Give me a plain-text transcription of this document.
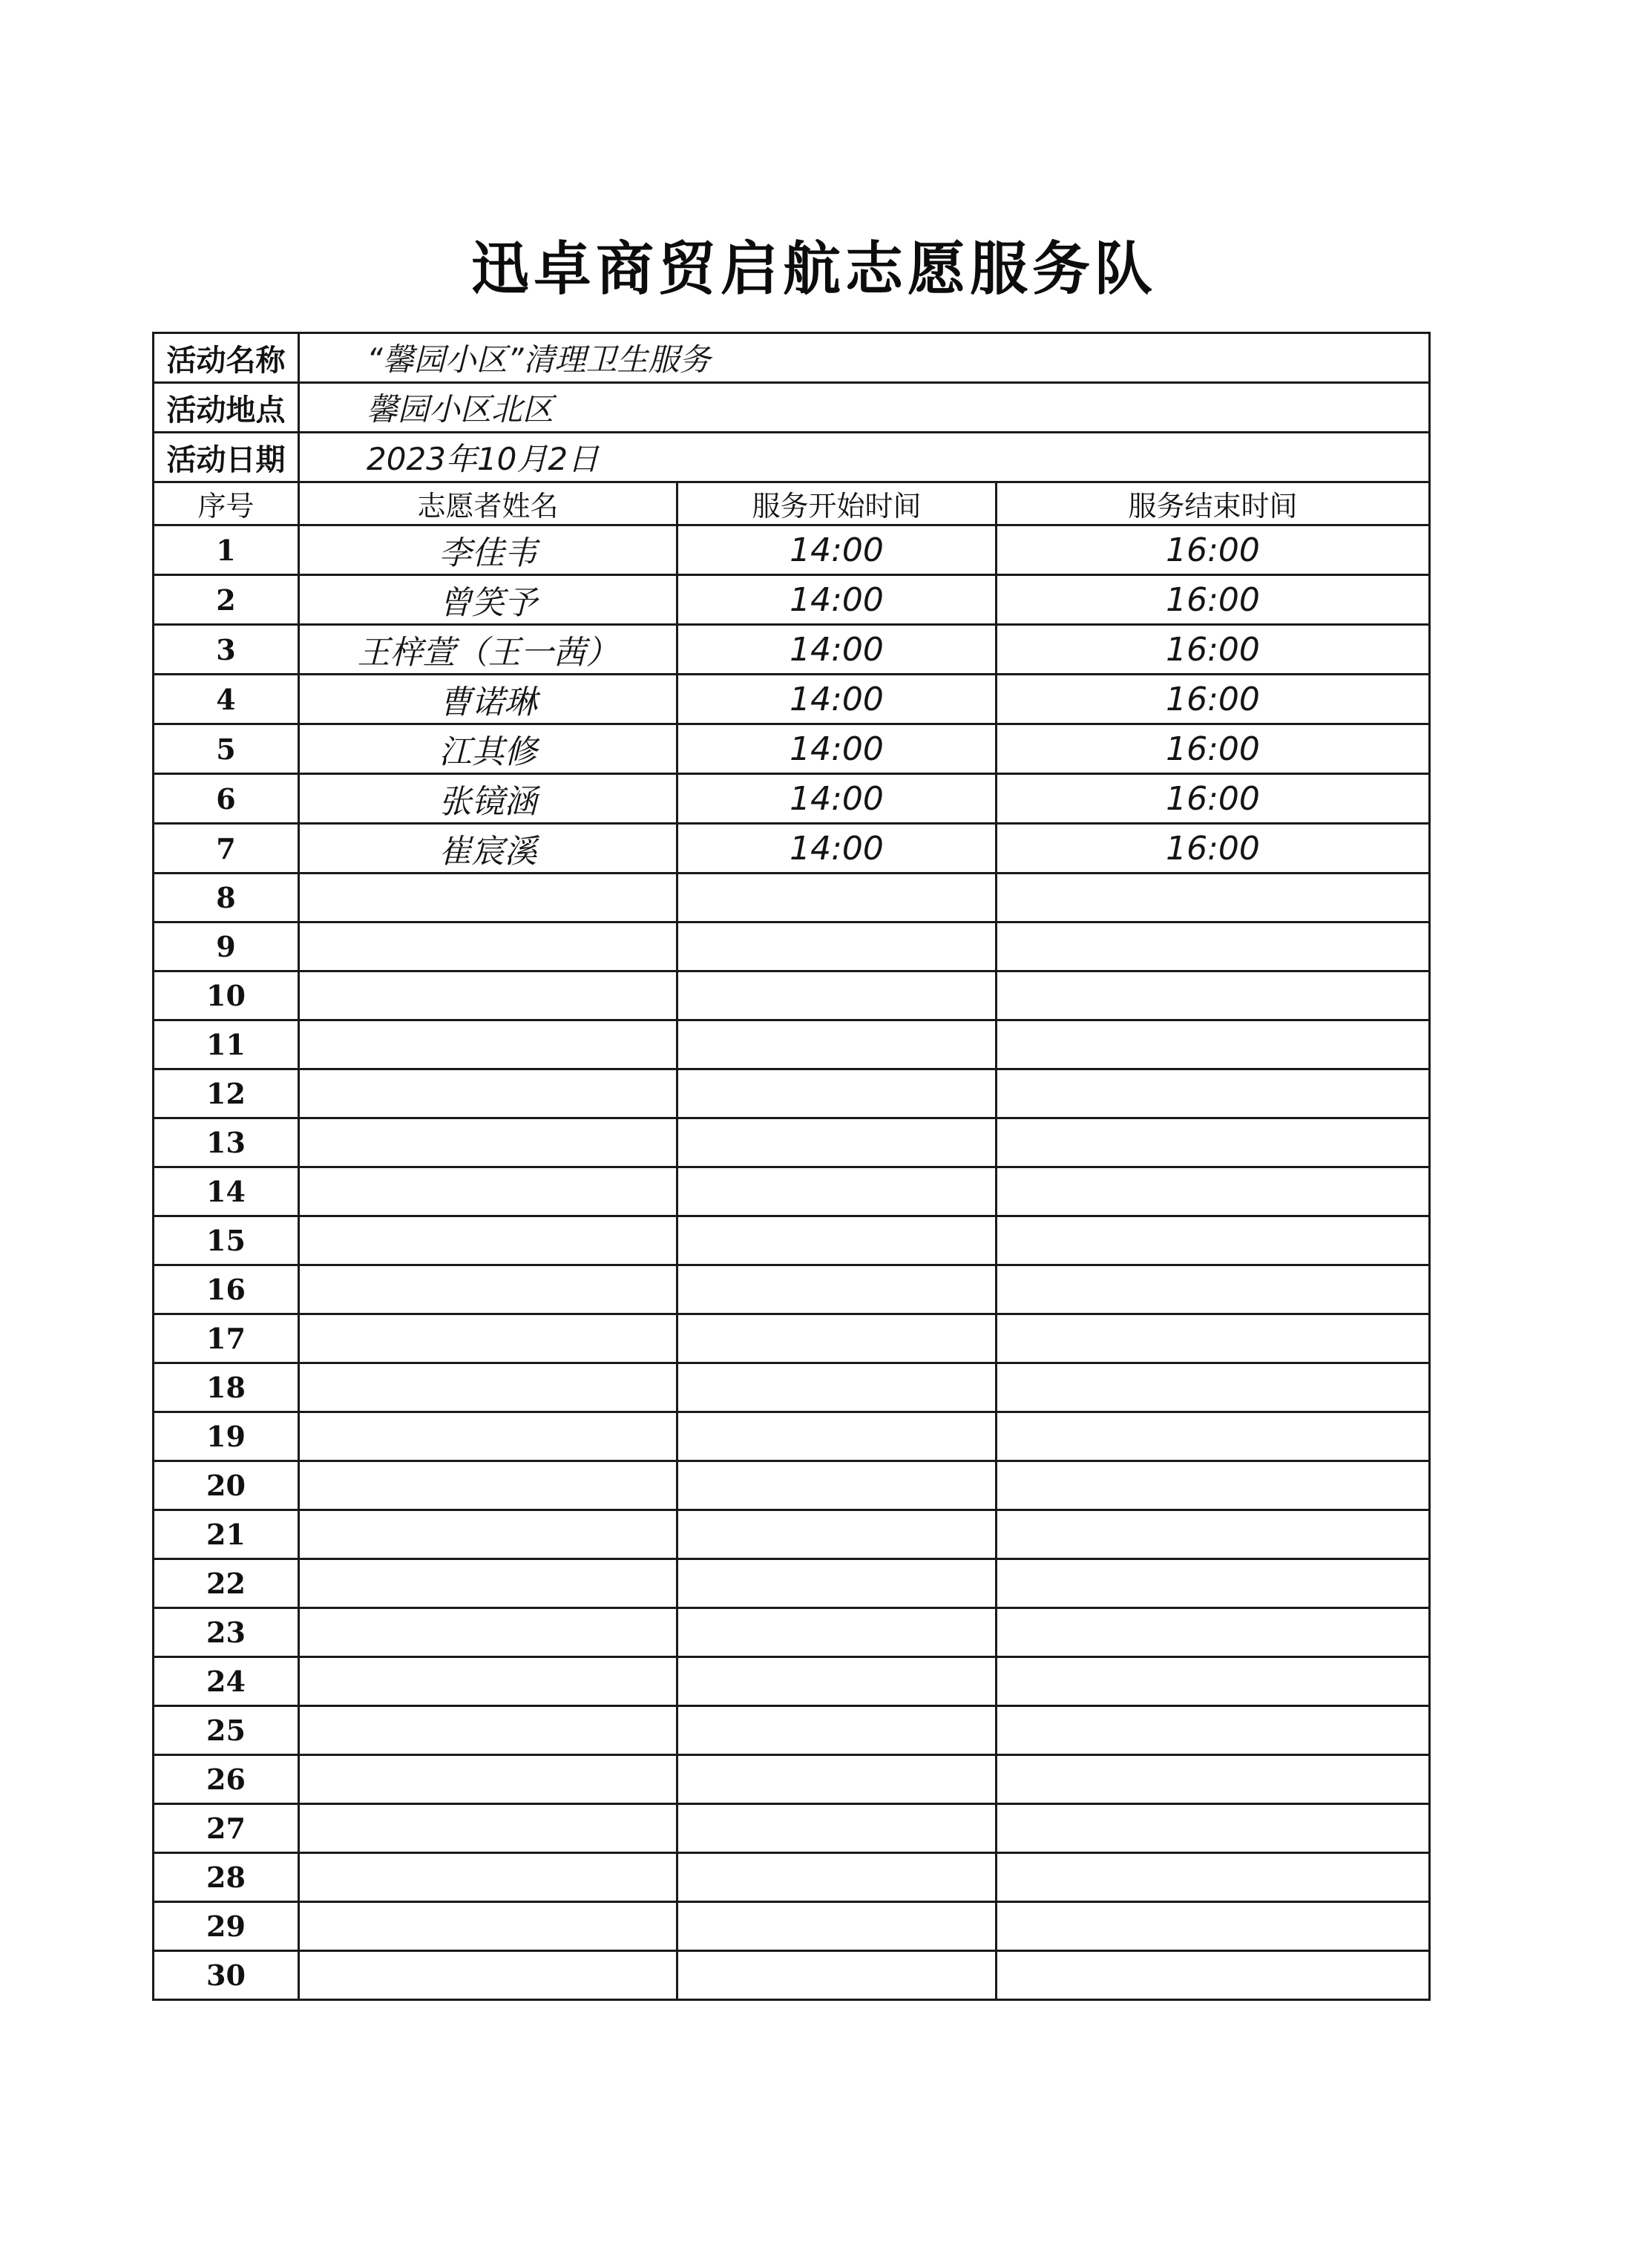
迅卓商贸启航志愿服务队
活动名称	“馨园小区”清理卫生服务		
活动地点	馨园小区北区		
活动日期	2023年10月2日		
序号	志愿者姓名	服务开始时间	服务结束时间
1	李佳韦	14:00	16:00
2	曾笑予	14:00	16:00
3	王梓萱（王一茜）	14:00	16:00
4	曹诺琳	14:00	16:00
5	江其修	14:00	16:00
6	张镜涵	14:00	16:00
7	崔宸溪	14:00	16:00
8			
9			
10			
11			
12			
13			
14			
15			
16			
17			
18			
19			
20			
21			
22			
23			
24			
25			
26			
27			
28			
29			
30			
